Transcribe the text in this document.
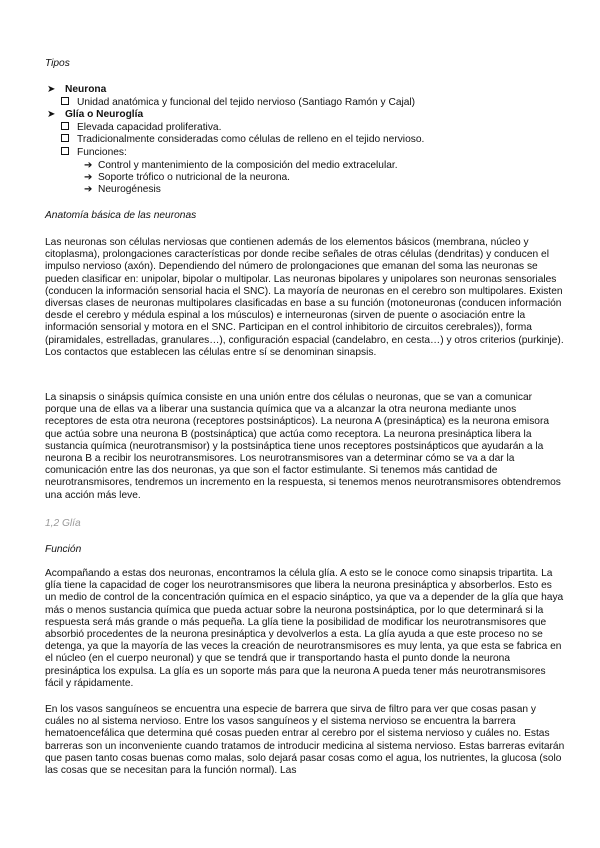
Tipos
➤ Neurona
Unidad anatómica y funcional del tejido nervioso (Santiago Ramón y Cajal)
➤ Glía o Neuroglía
Elevada capacidad proliferativa.
Tradicionalmente consideradas como células de relleno en el tejido nervioso.
Funciones:
➔ Control y mantenimiento de la composición del medio extracelular.
➔ Soporte trófico o nutricional de la neurona.
➔ Neurogénesis
Anatomía básica de las neuronas

Las neuronas son células nerviosas que contienen además de los elementos básicos (membrana, núcleo y citoplasma), prolongaciones características por donde recibe señales de otras células (dendritas) y conducen el impulso nervioso (axón). Dependiendo del número de prolongaciones que emanan del soma las neuronas se pueden clasificar en: unipolar, bipolar o multipolar. Las neuronas bipolares y unipolares son neuronas sensoriales (conducen la información sensorial hacia el SNC). La mayoría de neuronas en el cerebro son multipolares. Existen diversas clases de neuronas multipolares clasificadas en base a su función (motoneuronas (conducen información desde el cerebro y médula espinal a los músculos) e interneuronas (sirven de puente o asociación entre la información sensorial y motora en el SNC. Participan en el control inhibitorio de circuitos cerebrales)), forma (piramidales, estrelladas, granulares…), configuración espacial (candelabro, en cesta…) y otros criterios (purkinje). Los contactos que establecen las células entre sí se denominan sinapsis.

La sinapsis o sinápsis química consiste en una unión entre dos células o neuronas, que se van a comunicar porque una de ellas va a liberar una sustancia química que va a alcanzar la otra neurona mediante unos receptores de esta otra neurona (receptores postsinápticos). La neurona A (presináptica) es la neurona emisora que actúa sobre una neurona B (postsináptica) que actúa como receptora. La neurona presináptica libera la sustancia química (neurotransmisor) y la postsináptica tiene unos receptores postsinápticos que ayudarán a la neurona B a recibir los neurotransmisores. Los neurotransmisores van a determinar cómo se va a dar la comunicación entre las dos neuronas, ya que son el factor estimulante. Si tenemos más cantidad de neurotransmisores, tendremos un incremento en la respuesta, si tenemos menos neurotransmisores obtendremos una acción más leve.

1,2 Glía
Función

Acompañando a estas dos neuronas, encontramos la célula glía. A esto se le conoce como sinapsis tripartita. La glía tiene la capacidad de coger los neurotransmisores que libera la neurona presináptica y absorberlos. Esto es un medio de control de la concentración química en el espacio sináptico, ya que va a depender de la glía que haya más o menos sustancia química que pueda actuar sobre la neurona postsináptica, por lo que determinará si la respuesta será más grande o más pequeña. La glía tiene la posibilidad de modificar los neurotransmisores que absorbió procedentes de la neurona presináptica y devolverlos a esta. La glía ayuda a que este proceso no se detenga, ya que la mayoría de las veces la creación de neurotransmisores es muy lenta, ya que esta se fabrica en el núcleo (en el cuerpo neuronal) y que se tendrá que ir transportando hasta el punto donde la neurona presináptica los expulsa. La glía es un soporte más para que la neurona A pueda tener más neurotransmisores fácil y rápidamente.

En los vasos sanguíneos se encuentra una especie de barrera que sirva de filtro para ver que cosas pasan y cuáles no al sistema nervioso. Entre los vasos sanguíneos y el sistema nervioso se encuentra la barrera hematoencefálica que determina qué cosas pueden entrar al cerebro por el sistema nervioso y cuáles no. Estas barreras son un inconveniente cuando tratamos de introducir medicina al sistema nervioso. Estas barreras evitarán que pasen tanto cosas buenas como malas, solo dejará pasar cosas como el agua, los nutrientes, la glucosa (solo las cosas que se necesitan para la función normal). Las
